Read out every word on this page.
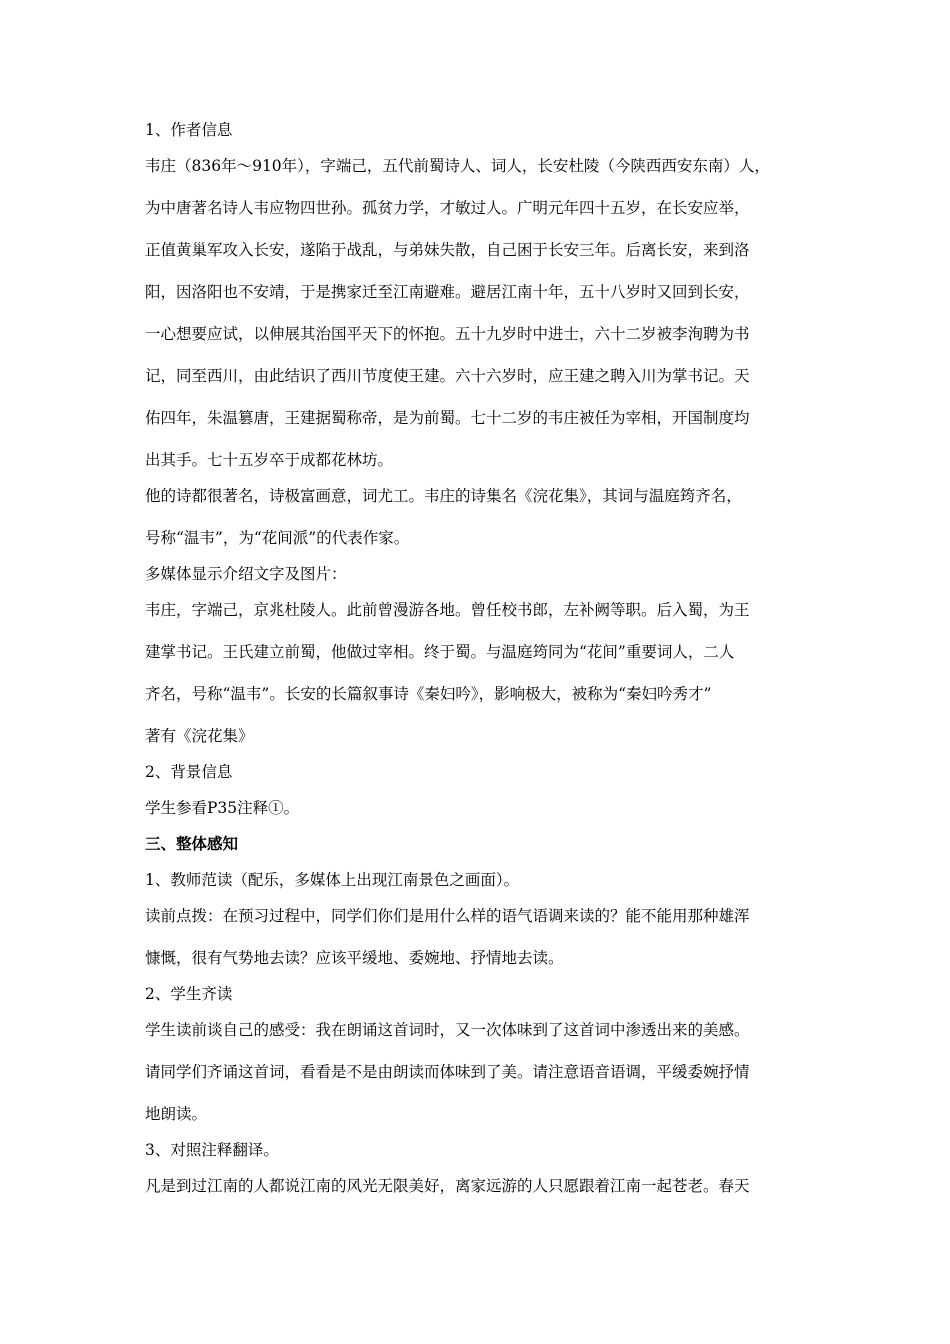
1、作者信息
韦庄（836年～910年），字端己，五代前蜀诗人、词人，长安杜陵（今陕西西安东南）人，
为中唐著名诗人韦应物四世孙。孤贫力学，才敏过人。广明元年四十五岁，在长安应举，
正值黄巢军攻入长安，遂陷于战乱，与弟妹失散，自己困于长安三年。后离长安，来到洛
阳，因洛阳也不安靖，于是携家迁至江南避难。避居江南十年，五十八岁时又回到长安，
一心想要应试，以伸展其治国平天下的怀抱。五十九岁时中进士，六十二岁被李洵聘为书
记，同至西川，由此结识了西川节度使王建。六十六岁时，应王建之聘入川为掌书记。天
佑四年，朱温篡唐，王建据蜀称帝，是为前蜀。七十二岁的韦庄被任为宰相，开国制度均
出其手。七十五岁卒于成都花林坊。
他的诗都很著名，诗极富画意，词尤工。韦庄的诗集名《浣花集》，其词与温庭筠齐名，
号称“温韦”，为“花间派”的代表作家。
多媒体显示介绍文字及图片：
韦庄，字端己，京兆杜陵人。此前曾漫游各地。曾任校书郎，左补阙等职。后入蜀，为王
建掌书记。王氏建立前蜀，他做过宰相。终于蜀。与温庭筠同为“花间”重要词人，二人
齐名，号称“温韦”。长安的长篇叙事诗《秦妇吟》，影响极大，被称为“秦妇吟秀才”
著有《浣花集》
2、背景信息
学生参看P35注释①。
三、整体感知
1、教师范读（配乐，多媒体上出现江南景色之画面）。
读前点拨：在预习过程中，同学们你们是用什么样的语气语调来读的？能不能用那种雄浑
慷慨，很有气势地去读？应该平缓地、委婉地、抒情地去读。
2、学生齐读
学生读前谈自己的感受：我在朗诵这首词时，又一次体味到了这首词中渗透出来的美感。
请同学们齐诵这首词，看看是不是由朗读而体味到了美。请注意语音语调，平缓委婉抒情
地朗读。
3、对照注释翻译。
凡是到过江南的人都说江南的风光无限美好，离家远游的人只愿跟着江南一起苍老。春天
